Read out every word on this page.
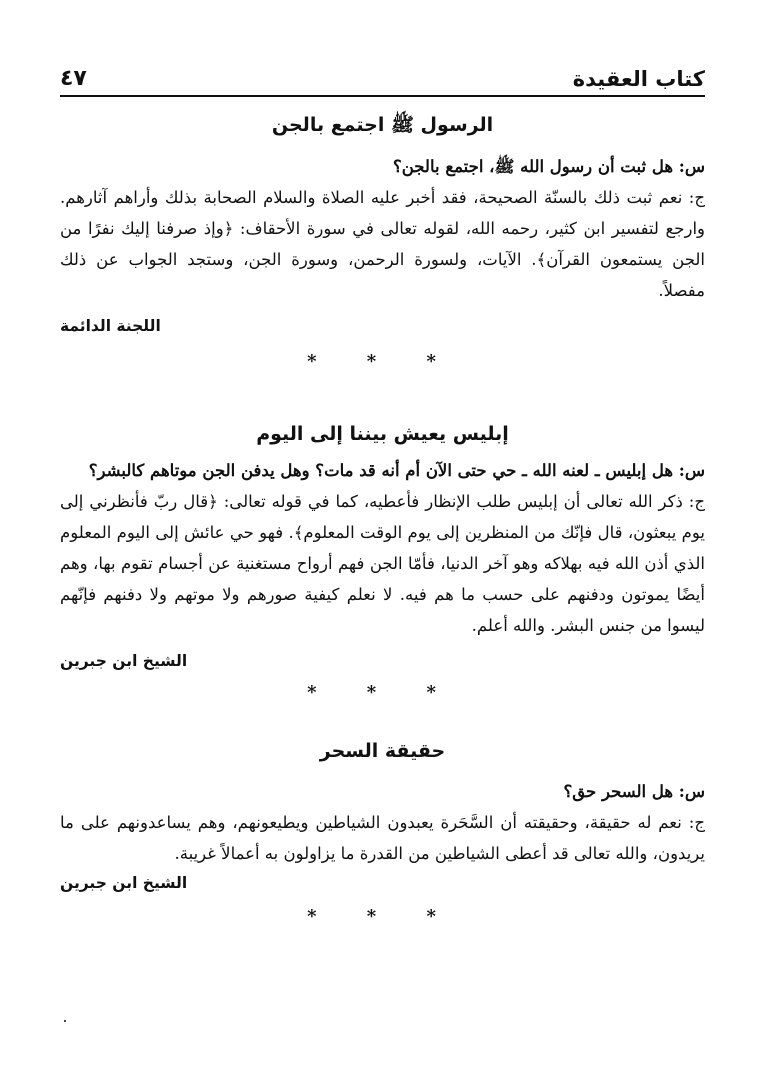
كتاب العقيدة
٤٧
الرسول ﷺ اجتمع بالجن

س: هل ثبت أن رسول الله ﷺ، اجتمع بالجن؟

ج: نعم ثبت ذلك بالسنّة الصحيحة، فقد أخبر عليه الصلاة والسلام الصحابة بذلك وأراهم آثارهم. وارجع لتفسير ابن كثير، رحمه الله، لقوله تعالى في سورة الأحقاف: ﴿وإذ صرفنا إليك نفرًا من الجن يستمعون القرآن﴾. الآيات، ولسورة الرحمن، وسورة الجن، وستجد الجواب عن ذلك مفصلاً.

اللجنة الدائمة

* * *

إبليس يعيش بيننا إلى اليوم

س: هل إبليس ـ لعنه الله ـ حي حتى الآن أم أنه قد مات؟ وهل يدفن الجن موتاهم كالبشر؟

ج: ذكر الله تعالى أن إبليس طلب الإنظار فأعطيه، كما في قوله تعالى: ﴿قال ربّ فأنظرني إلى يوم يبعثون، قال فإنّك من المنظرين إلى يوم الوقت المعلوم﴾. فهو حي عائش إلى اليوم المعلوم الذي أذن الله فيه بهلاكه وهو آخر الدنيا، فأمّا الجن فهم أرواح مستغنية عن أجسام تقوم بها، وهم أيضًا يموتون ودفنهم على حسب ما هم فيه. لا نعلم كيفية صورهم ولا موتهم ولا دفنهم فإنّهم ليسوا من جنس البشر. والله أعلم.

الشيخ ابن جبرين

* * *

حقيقة السحر

س: هل السحر حق؟

ج: نعم له حقيقة، وحقيقته أن السَّحَرة يعبدون الشياطين ويطيعونهم، وهم يساعدونهم على ما يريدون، والله تعالى قد أعطى الشياطين من القدرة ما يزاولون به أعمالاً غريبة.

الشيخ ابن جبرين

* * *
